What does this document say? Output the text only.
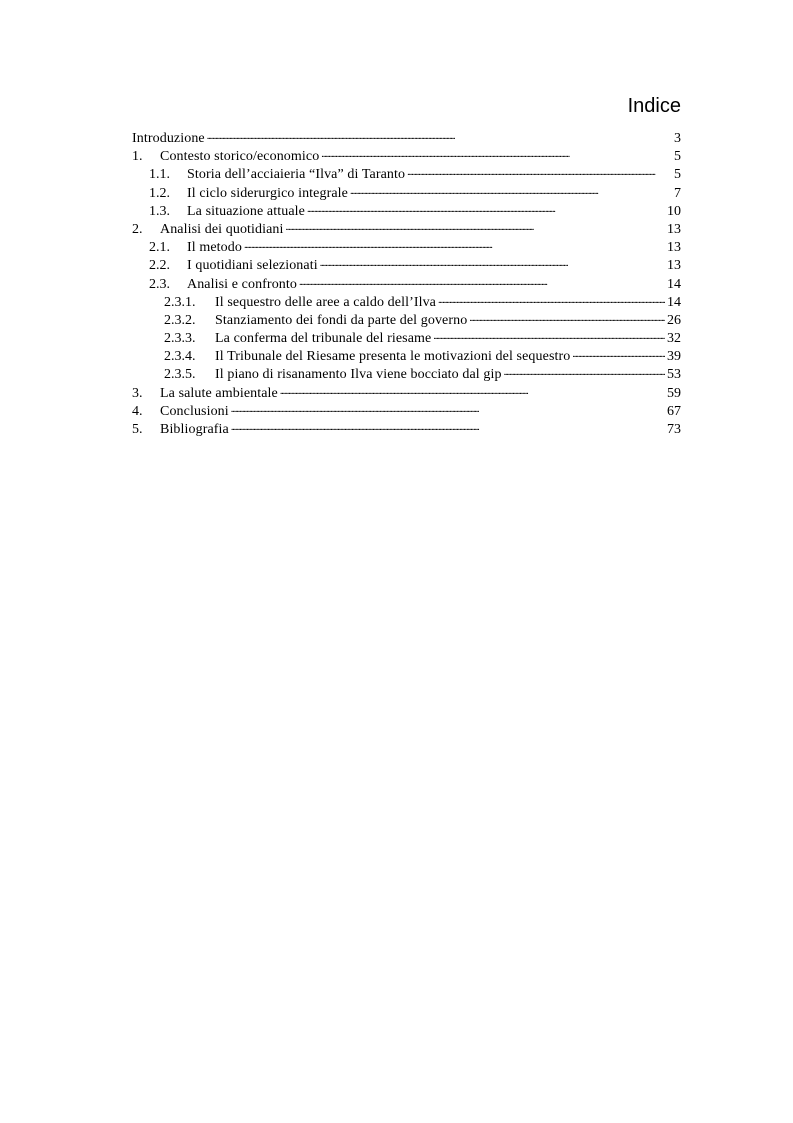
Indice
Introduzione . . .	3
1.	Contesto storico/economico . . .	5
1.1.	Storia dell’acciaieria “Ilva” di Taranto . . .	5
1.2.	Il ciclo siderurgico integrale . . .	7
1.3.	La situazione attuale . . .	10
2.	Analisi dei quotidiani . . .	13
2.1.	Il metodo . . .	13
2.2.	I quotidiani selezionati . . .	13
2.3.	Analisi e confronto . . .	14
2.3.1.	Il sequestro delle aree a caldo dell’Ilva . . .	14
2.3.2.	Stanziamento dei fondi da parte del governo . . .	26
2.3.3.	La conferma del tribunale del riesame . . .	32
2.3.4.	Il Tribunale del Riesame presenta le motivazioni del sequestro . . .	39
2.3.5.	Il piano di risanamento Ilva viene bocciato dal gip . . .	53
3.	La salute ambientale . . .	59
4.	Conclusioni . . .	67
5.	Bibliografia . . .	73
